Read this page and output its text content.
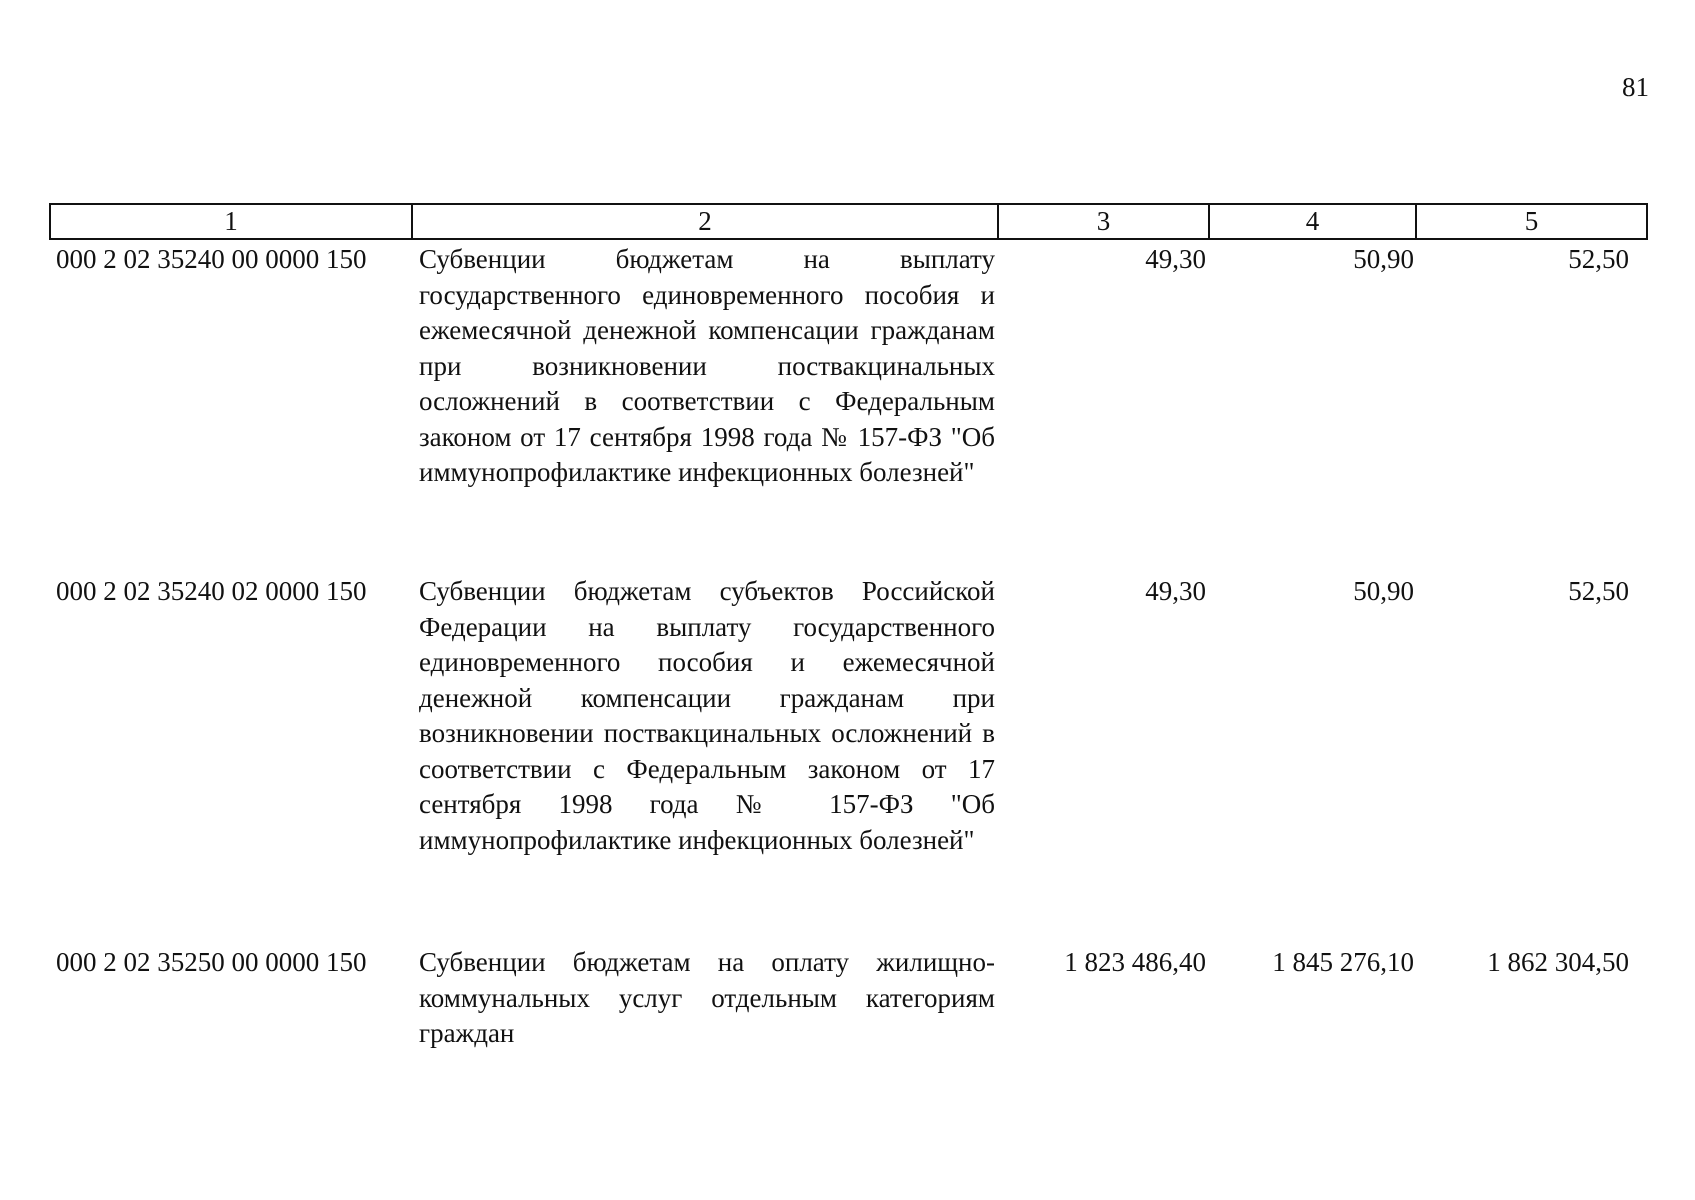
81
1	2	3	4	5
000 2 02 35240 00 0000 150	Субвенции бюджетам на выплату государственного единовременного пособия и ежемесячной денежной компенсации гражданам при возникновении поствакцинальных осложнений в соответствии с Федеральным законом от 17 сентября 1998 года № 157-ФЗ "Об иммунопрофилактике инфекционных болезней"	49,30	50,90	52,50
000 2 02 35240 02 0000 150	Субвенции бюджетам субъектов Российской Федерации на выплату государственного единовременного пособия и ежемесячной денежной компенсации гражданам при возникновении поствакцинальных осложнений в соответствии с Федеральным законом от 17 сентября 1998 года № 157-ФЗ "Об иммунопрофилактике инфекционных болезней"	49,30	50,90	52,50
000 2 02 35250 00 0000 150	Субвенции бюджетам на оплату жилищно-коммунальных услуг отдельным категориям граждан	1 823 486,40	1 845 276,10	1 862 304,50
